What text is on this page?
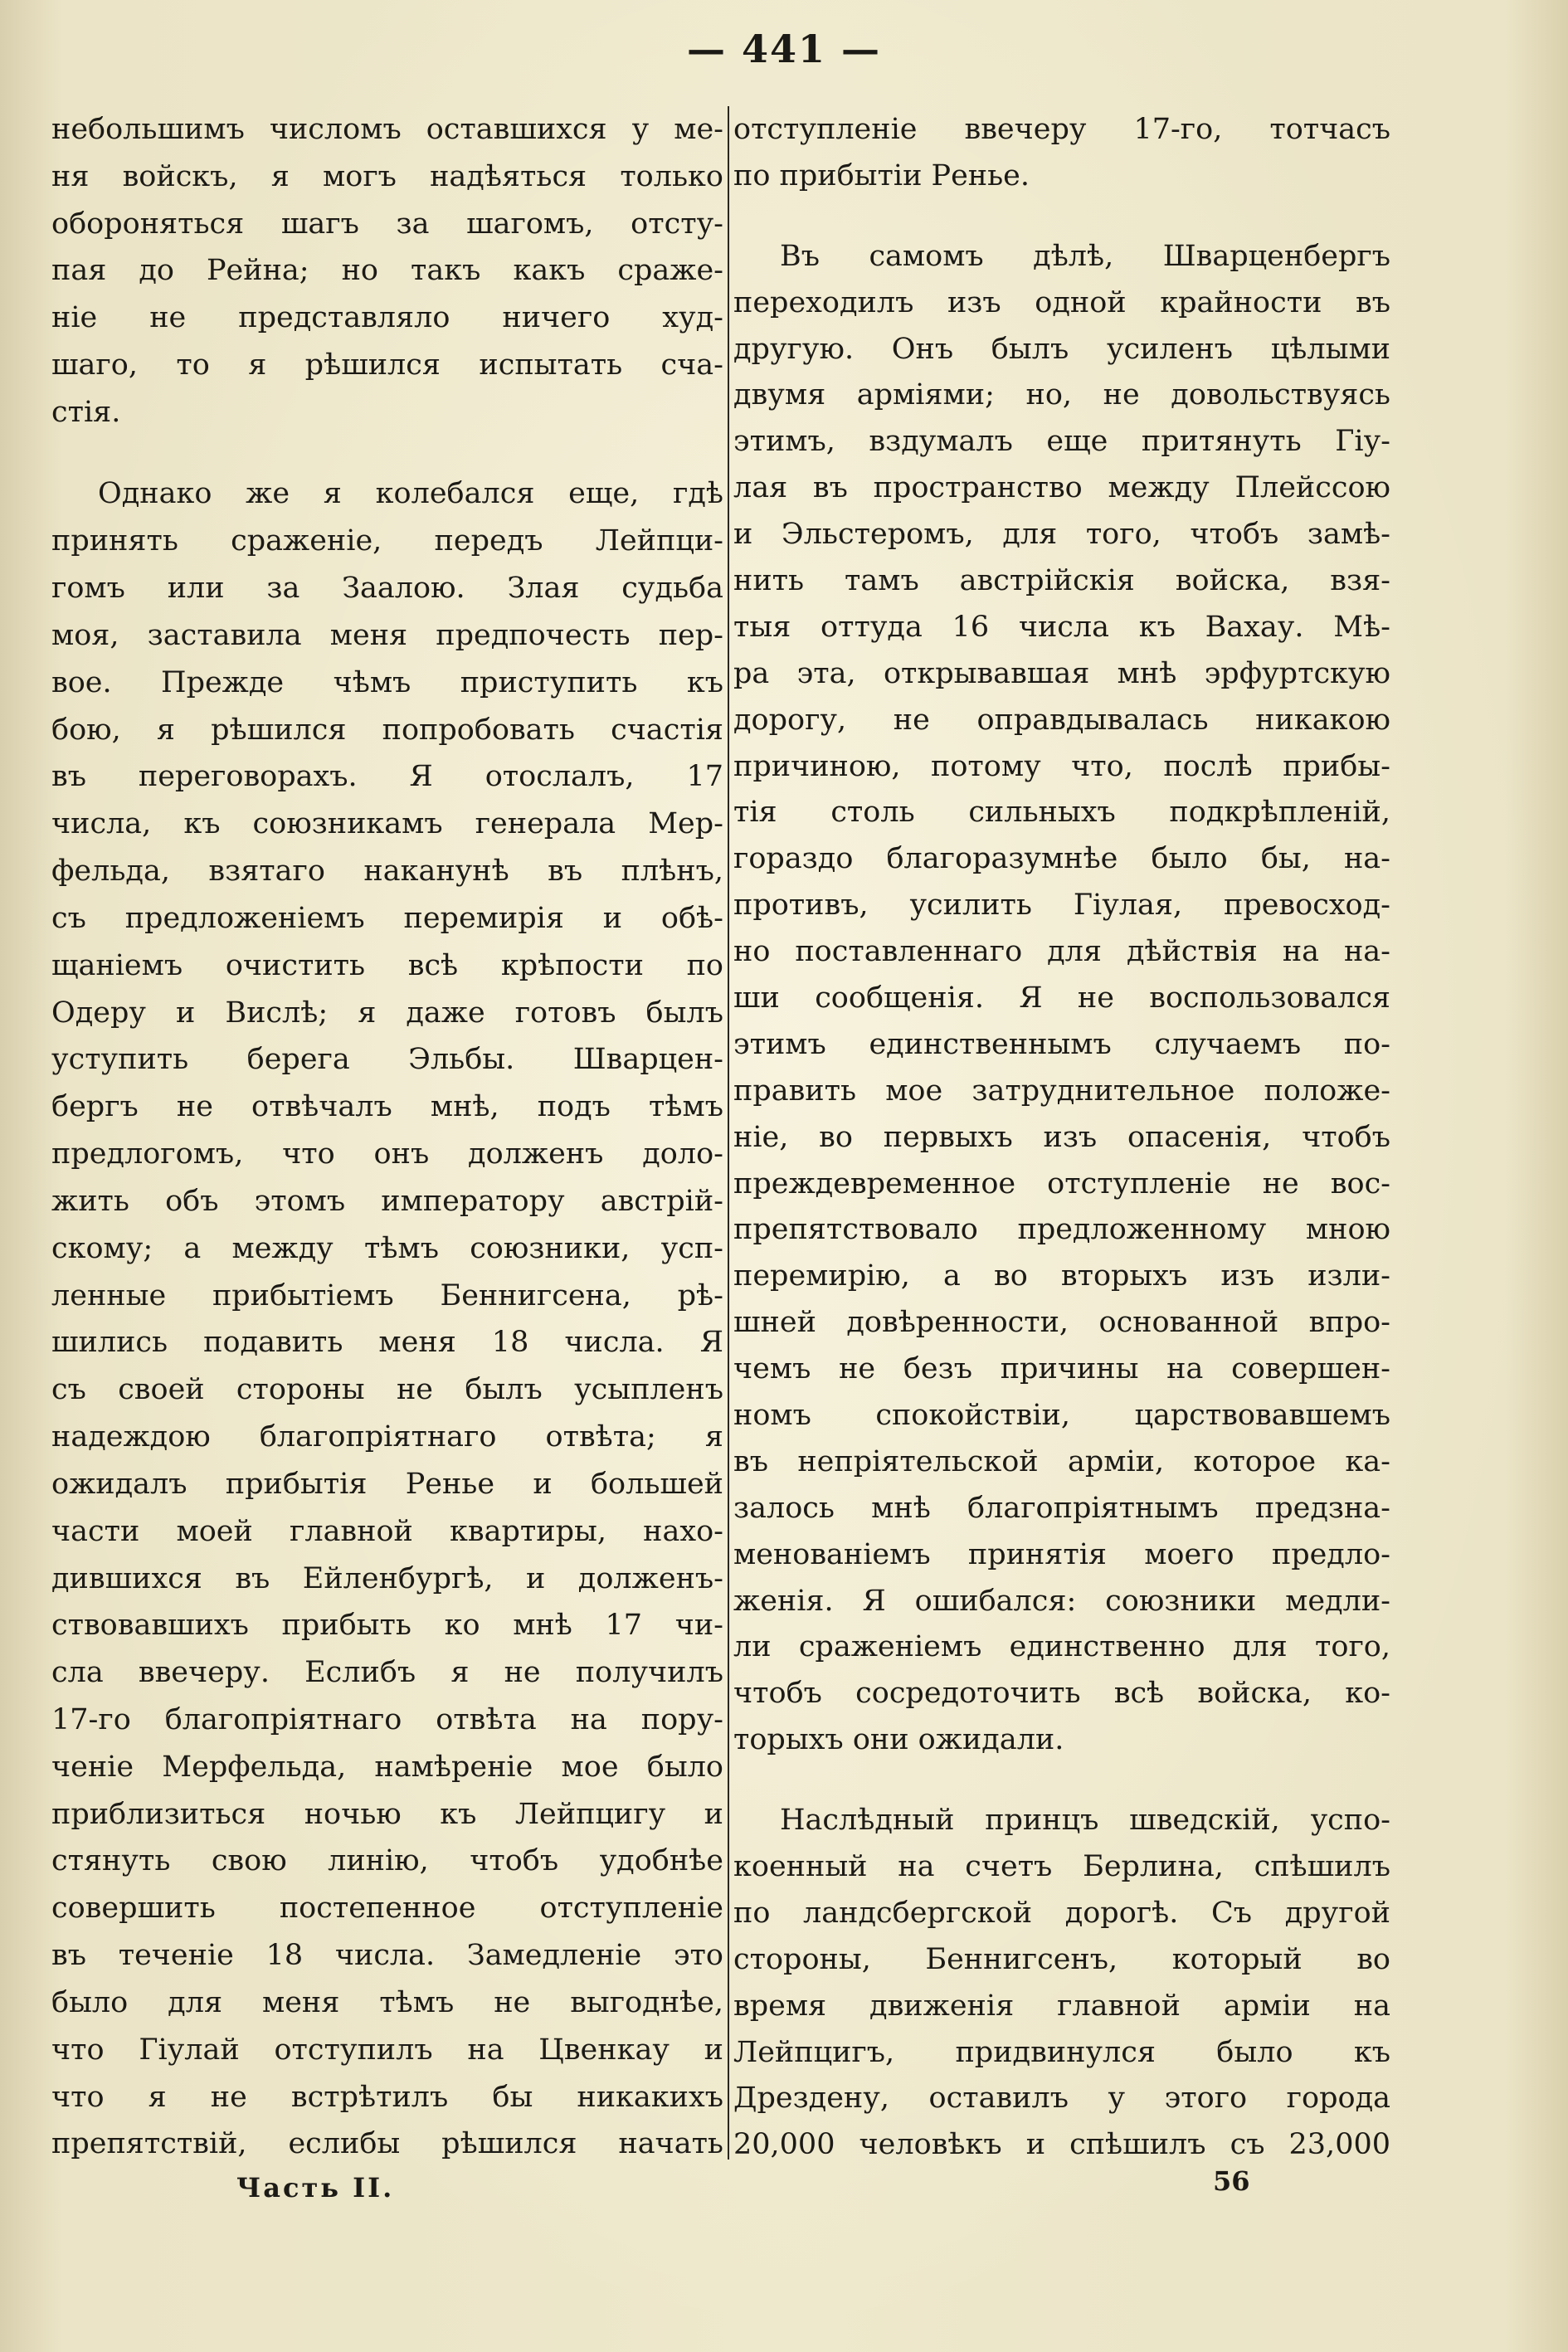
— 441 —
небольшимъ числомъ оставшихся у ме-
ня войскъ, я могъ надѣяться только
обороняться шагъ за шагомъ, отсту-
пая до Рейна; но такъ какъ сраже-
ніе не представляло ничего худ-
шаго, то я рѣшился испытать сча-
стія.
Однако же я колебался еще, гдѣ
принять сраженіе, передъ Лейпци-
гомъ или за Заалою. Злая судьба
моя, заставила меня предпочесть пер-
вое. Прежде чѣмъ приступить къ
бою, я рѣшился попробовать счастія
въ переговорахъ. Я отослалъ, 17
числа, къ союзникамъ генерала Мер-
фельда, взятаго наканунѣ въ плѣнъ,
съ предложеніемъ перемирія и обѣ-
щаніемъ очистить всѣ крѣпости по
Одеру и Вислѣ; я даже готовъ былъ
уступить берега Эльбы. Шварцен-
бергъ не отвѣчалъ мнѣ, подъ тѣмъ
предлогомъ, что онъ долженъ доло-
жить объ этомъ императору австрій-
скому; а между тѣмъ союзники, усп-
ленные прибытіемъ Беннигсена, рѣ-
шились подавить меня 18 числа. Я
съ своей стороны не былъ усыпленъ
надеждою благопріятнаго отвѣта; я
ожидалъ прибытія Ренье и большей
части моей главной квартиры, нахо-
дившихся въ Ейленбургѣ, и долженъ-
ствовавшихъ прибыть ко мнѣ 17 чи-
сла ввечеру. Еслибъ я не получилъ
17-го благопріятнаго отвѣта на пору-
ченіе Мерфельда, намѣреніе мое было
приблизиться ночью къ Лейпцигу и
стянуть свою линію, чтобъ удобнѣе
совершить постепенное отступленіе
въ теченіе 18 числа. Замедленіе это
было для меня тѣмъ не выгоднѣе,
что Гіулай отступилъ на Цвенкау и
что я не встрѣтилъ бы никакихъ
препятствій, еслибы рѣшился начать
отступленіе ввечеру 17-го, тотчасъ
по прибытіи Ренье.
Въ самомъ дѣлѣ, Шварценбергъ
переходилъ изъ одной крайности въ
другую. Онъ былъ усиленъ цѣлыми
двумя арміями; но, не довольствуясь
этимъ, вздумалъ еще притянуть Гіу-
лая въ пространство между Плейссою
и Эльстеромъ, для того, чтобъ замѣ-
нить тамъ австрійскія войска, взя-
тыя оттуда 16 числа къ Вахау. Мѣ-
ра эта, открывавшая мнѣ эрфуртскую
дорогу, не оправдывалась никакою
причиною, потому что, послѣ прибы-
тія столь сильныхъ подкрѣпленій,
гораздо благоразумнѣе было бы, на-
противъ, усилить Гіулая, превосход-
но поставленнаго для дѣйствія на на-
ши сообщенія. Я не воспользовался
этимъ единственнымъ случаемъ по-
править мое затруднительное положе-
ніе, во первыхъ изъ опасенія, чтобъ
преждевременное отступленіе не вос-
препятствовало предложенному мною
перемирію, а во вторыхъ изъ изли-
шней довѣренности, основанной впро-
чемъ не безъ причины на совершен-
номъ спокойствіи, царствовавшемъ
въ непріятельской арміи, которое ка-
залось мнѣ благопріятнымъ предзна-
менованіемъ принятія моего предло-
женія. Я ошибался: союзники медли-
ли сраженіемъ единственно для того,
чтобъ сосредоточить всѣ войска, ко-
торыхъ они ожидали.
Наслѣдный принцъ шведскій, успо-
коенный на счетъ Берлина, спѣшилъ
по ландсбергской дорогѣ. Съ другой
стороны, Беннигсенъ, который во
время движенія главной арміи на
Лейпцигъ, придвинулся было къ
Дрездену, оставилъ у этого города
20,000 человѣкъ и спѣшилъ съ 23,000
Часть II.	56
